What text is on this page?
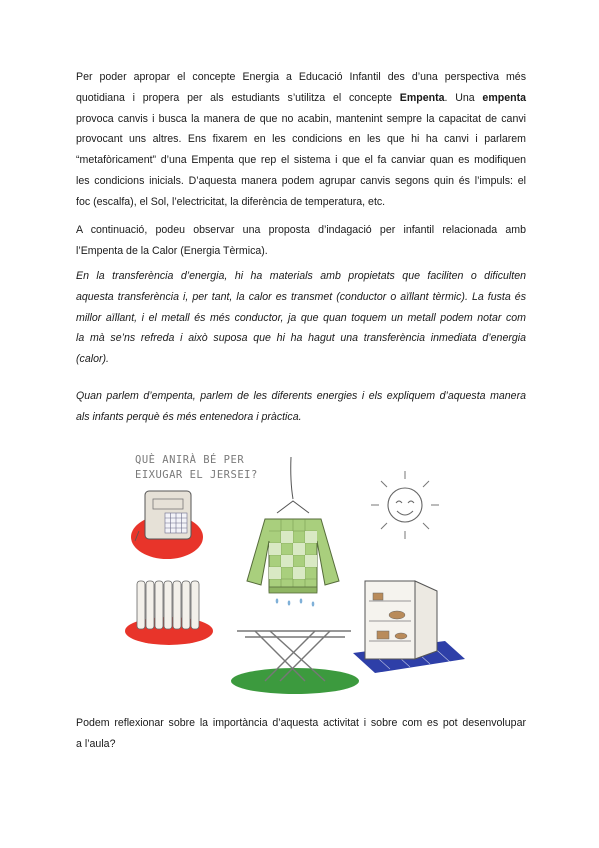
Per poder apropar el concepte Energia a Educació Infantil des d’una perspectiva més
quotidiana i propera per als estudiants s’utilitza el concepte Empenta. Una empenta
provoca canvis i busca la manera de que no acabin, mantenint sempre la capacitat de canvi
provocant uns altres. Ens fixarem en les condicions en les que hi ha canvi i parlarem
“metafòricament” d’una Empenta que rep el sistema i que el fa canviar quan es modifiquen
les condicions inicials. D’aquesta manera podem agrupar canvis segons quin és l’impuls: el
foc (escalfa), el Sol, l’electricitat, la diferència de temperatura, etc.

A continuació, podeu observar una proposta d’indagació per infantil relacionada amb
l’Empenta de la Calor (Energia Tèrmica).

En la transferència d’energia, hi ha materials amb propietats que faciliten o dificulten
aquesta transferència i, per tant, la calor es transmet (conductor o aïllant tèrmic). La fusta és
millor aïllant, i el metall és més conductor, ja que quan toquem un metall podem notar com
la mà se’ns refreda i això suposa que hi ha hagut una transferència inmediata d’energia
(calor).

Quan parlem d’empenta, parlem de les diferents energies i els expliquem d’aquesta manera
als infants perquè és més entenedora i pràctica.

QUÈ ANIRÀ BÉ PER
EIXUGAR EL JERSEI?

Podem reflexionar sobre la importància d’aquesta activitat i sobre com es pot desenvolupar
a l’aula?
